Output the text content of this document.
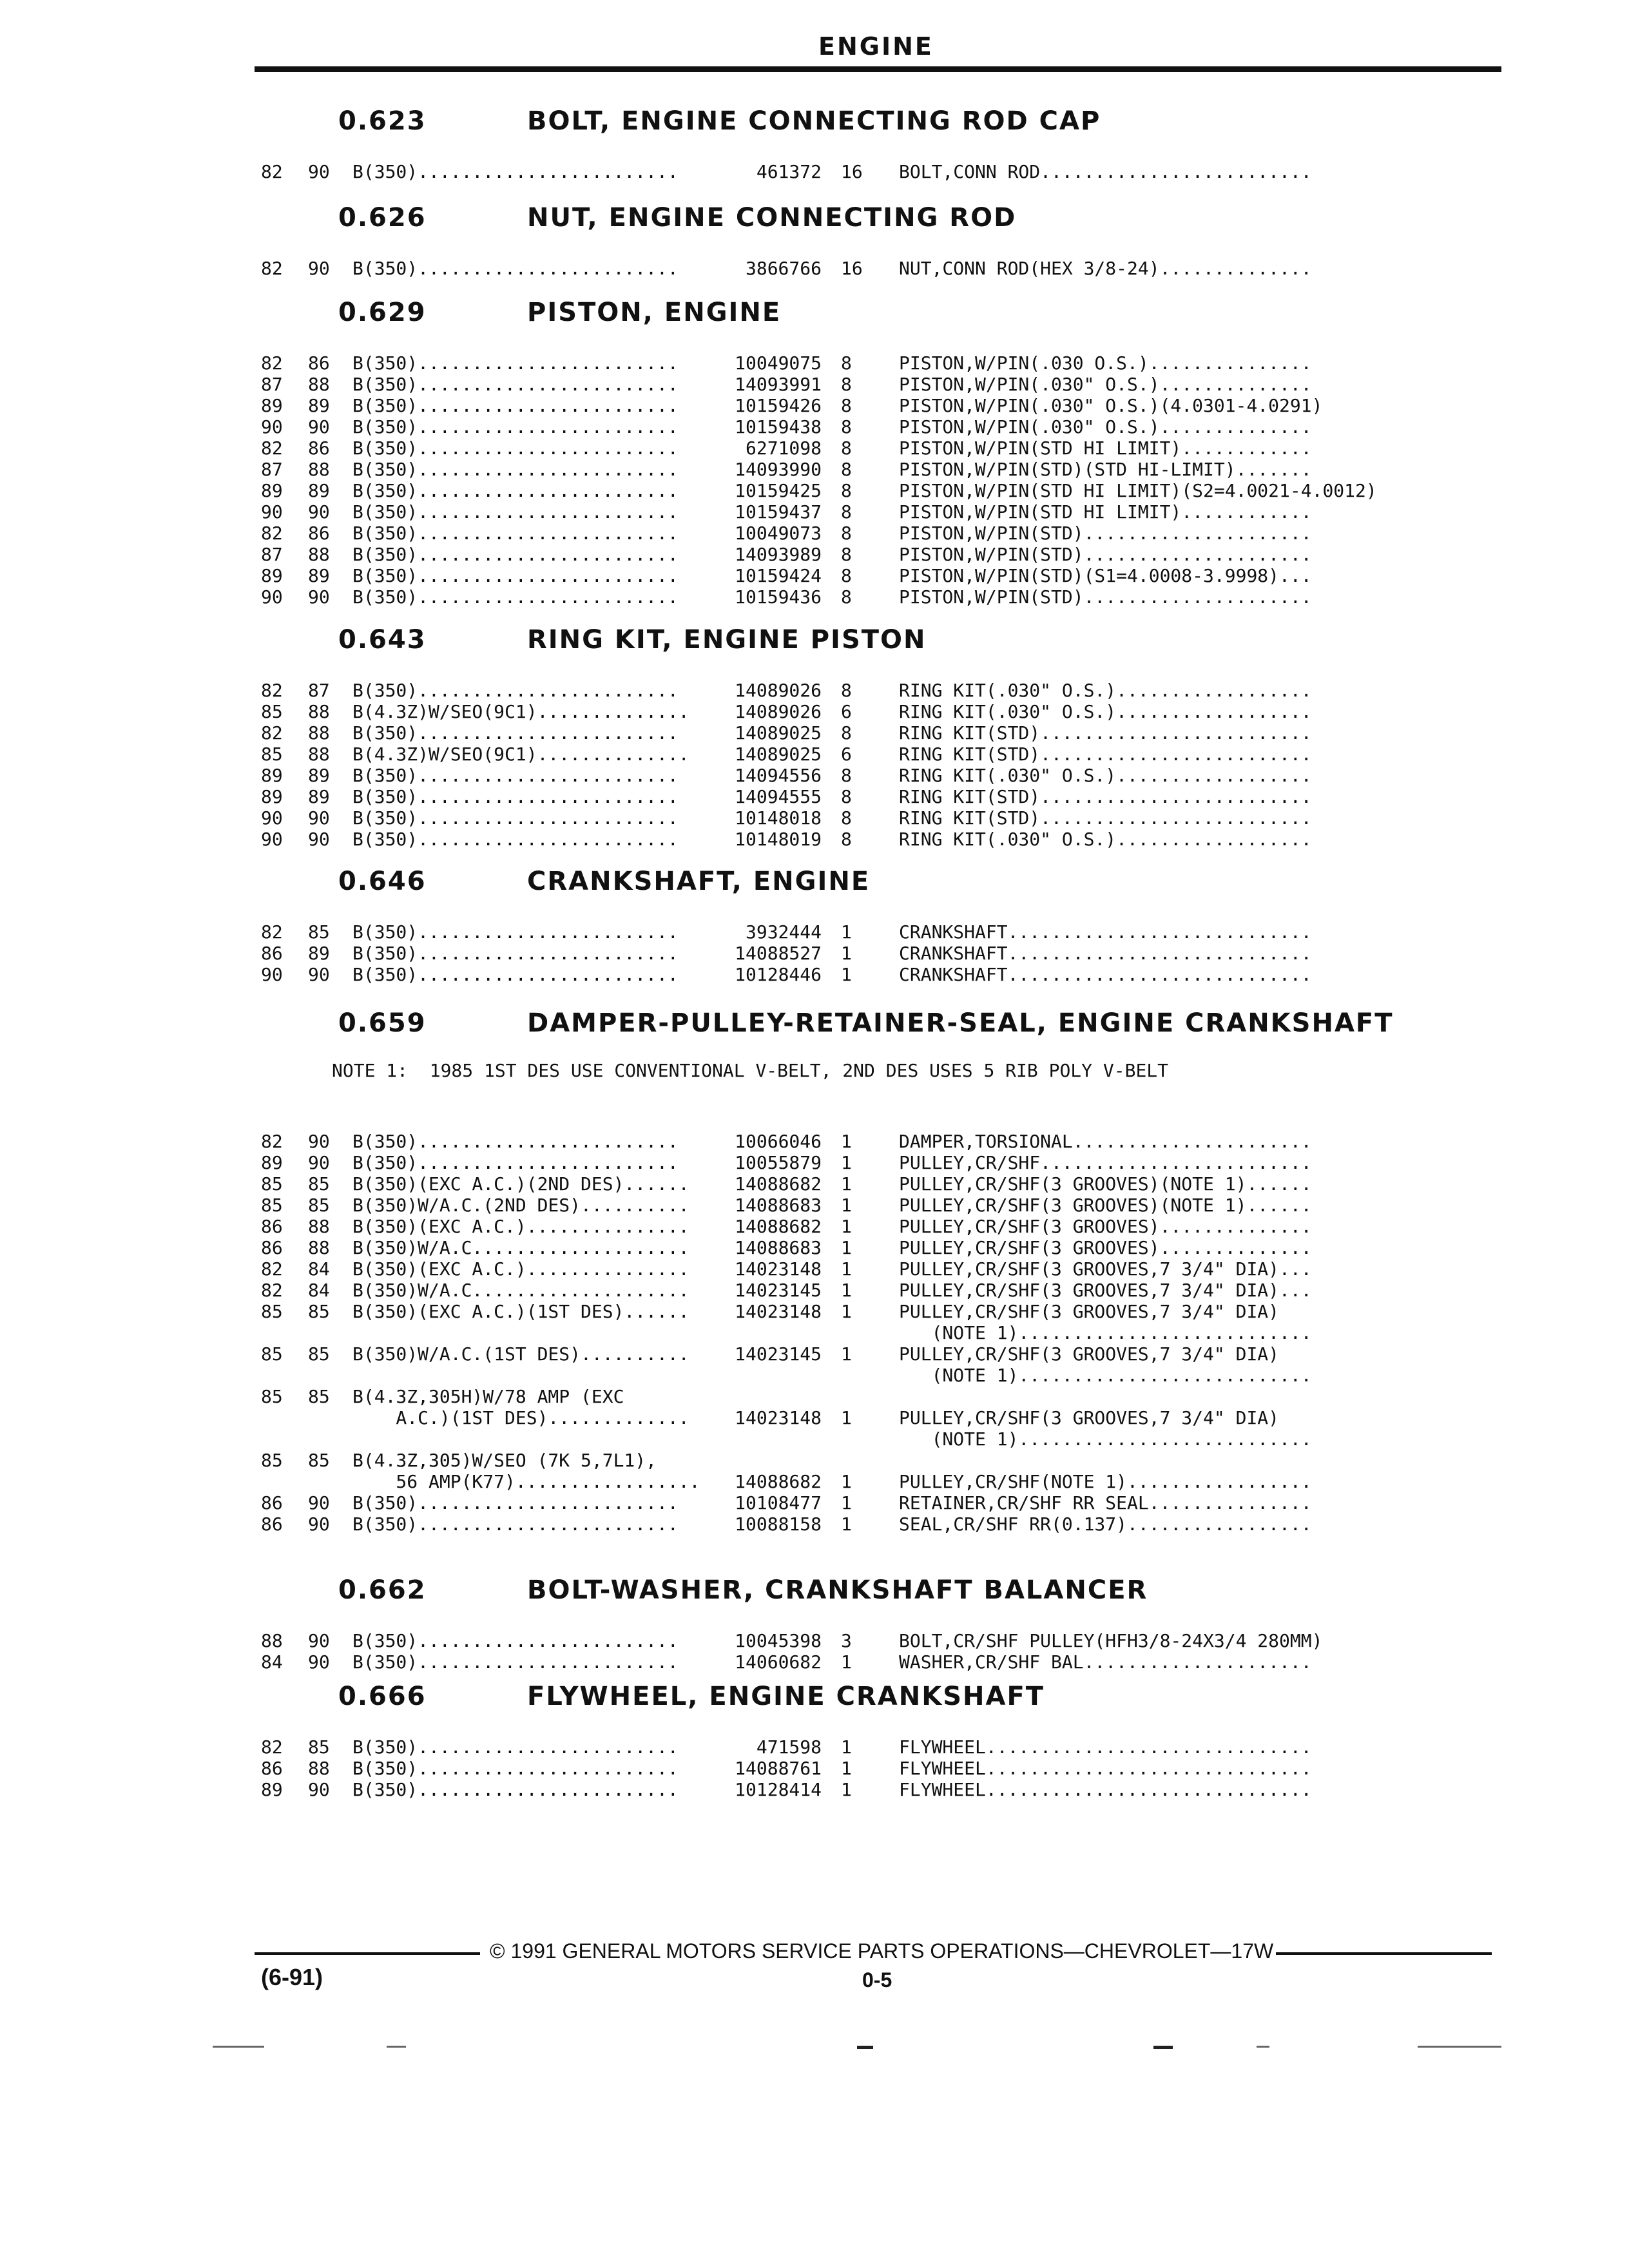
ENGINE
0.623	BOLT, ENGINE CONNECTING ROD CAP
82 90 B(350)........................	461372 16 BOLT,CONN ROD.........................
0.626	NUT, ENGINE CONNECTING ROD
82 90 B(350)........................	3866766 16 NUT,CONN ROD(HEX 3/8-24)..............
0.629	PISTON, ENGINE
82 86 B(350)........................	10049075 8	PISTON,W/PIN(.030 O.S.)...............
87 88 B(350)........................	14093991 8	PISTON,W/PIN(.030" O.S.)..............
89 89 B(350)........................	10159426 8	PISTON,W/PIN(.030" O.S.)(4.0301-4.0291)
90 90 B(350)........................	10159438 8	PISTON,W/PIN(.030" O.S.)..............
82 86 B(350)........................	6271098 8	PISTON,W/PIN(STD HI LIMIT)............
87 88 B(350)........................	14093990 8	PISTON,W/PIN(STD)(STD HI-LIMIT).......
89 89 B(350)........................	10159425 8	PISTON,W/PIN(STD HI LIMIT)(S2=4.0021-4.0012)
90 90 B(350)........................	10159437 8	PISTON,W/PIN(STD HI LIMIT)............
82 86 B(350)........................	10049073 8	PISTON,W/PIN(STD).....................
87 88 B(350)........................	14093989 8	PISTON,W/PIN(STD).....................
89 89 B(350)........................	10159424 8	PISTON,W/PIN(STD)(S1=4.0008-3.9998)...
90 90 B(350)........................	10159436 8	PISTON,W/PIN(STD).....................
0.643	RING KIT, ENGINE PISTON
82 87 B(350)........................	14089026 8	RING KIT(.030" O.S.)..................
85 88 B(4.3Z)W/SEO(9C1)..............	14089026 6	RING KIT(.030" O.S.)..................
82 88 B(350)........................	14089025 8	RING KIT(STD).........................
85 88 B(4.3Z)W/SEO(9C1)..............	14089025 6	RING KIT(STD).........................
89 89 B(350)........................	14094556 8	RING KIT(.030" O.S.)..................
89 89 B(350)........................	14094555 8	RING KIT(STD).........................
90 90 B(350)........................	10148018 8	RING KIT(STD).........................
90 90 B(350)........................	10148019 8	RING KIT(.030" O.S.)..................
0.646	CRANKSHAFT, ENGINE
82 85 B(350)........................	3932444 1	CRANKSHAFT............................
86 89 B(350)........................	14088527 1	CRANKSHAFT............................
90 90 B(350)........................	10128446 1	CRANKSHAFT............................
0.659	DAMPER-PULLEY-RETAINER-SEAL, ENGINE CRANKSHAFT
NOTE 1:  1985 1ST DES USE CONVENTIONAL V-BELT, 2ND DES USES 5 RIB POLY V-BELT
82 90 B(350)........................	10066046 1	DAMPER,TORSIONAL......................
89 90 B(350)........................	10055879 1	PULLEY,CR/SHF.........................
85 85 B(350)(EXC A.C.)(2ND DES)......	14088682 1	PULLEY,CR/SHF(3 GROOVES)(NOTE 1)......
85 85 B(350)W/A.C.(2ND DES)..........	14088683 1	PULLEY,CR/SHF(3 GROOVES)(NOTE 1)......
86 88 B(350)(EXC A.C.)...............	14088682 1	PULLEY,CR/SHF(3 GROOVES)..............
86 88 B(350)W/A.C....................	14088683 1	PULLEY,CR/SHF(3 GROOVES)..............
82 84 B(350)(EXC A.C.)...............	14023148 1	PULLEY,CR/SHF(3 GROOVES,7 3/4" DIA)...
82 84 B(350)W/A.C....................	14023145 1	PULLEY,CR/SHF(3 GROOVES,7 3/4" DIA)...
85 85 B(350)(EXC A.C.)(1ST DES)......	14023148 1	PULLEY,CR/SHF(3 GROOVES,7 3/4" DIA)
(NOTE 1)...........................
85 85 B(350)W/A.C.(1ST DES)..........	14023145 1	PULLEY,CR/SHF(3 GROOVES,7 3/4" DIA)
(NOTE 1)...........................
85 85 B(4.3Z,305H)W/78 AMP (EXC
A.C.)(1ST DES).............	14023148 1	PULLEY,CR/SHF(3 GROOVES,7 3/4" DIA)
(NOTE 1)...........................
85 85 B(4.3Z,305)W/SEO (7K 5,7L1),
56 AMP(K77).................	14088682 1	PULLEY,CR/SHF(NOTE 1).................
86 90 B(350)........................	10108477 1	RETAINER,CR/SHF RR SEAL...............
86 90 B(350)........................	10088158 1	SEAL,CR/SHF RR(0.137).................
0.662	BOLT-WASHER, CRANKSHAFT BALANCER
88 90 B(350)........................	10045398 3	BOLT,CR/SHF PULLEY(HFH3/8-24X3/4 280MM)
84 90 B(350)........................	14060682 1	WASHER,CR/SHF BAL.....................
0.666	FLYWHEEL, ENGINE CRANKSHAFT
82 85 B(350)........................	471598 1	FLYWHEEL..............................
86 88 B(350)........................	14088761 1	FLYWHEEL..............................
89 90 B(350)........................	10128414 1	FLYWHEEL..............................
© 1991 GENERAL MOTORS SERVICE PARTS OPERATIONS—CHEVROLET—17W
(6-91)	0-5
